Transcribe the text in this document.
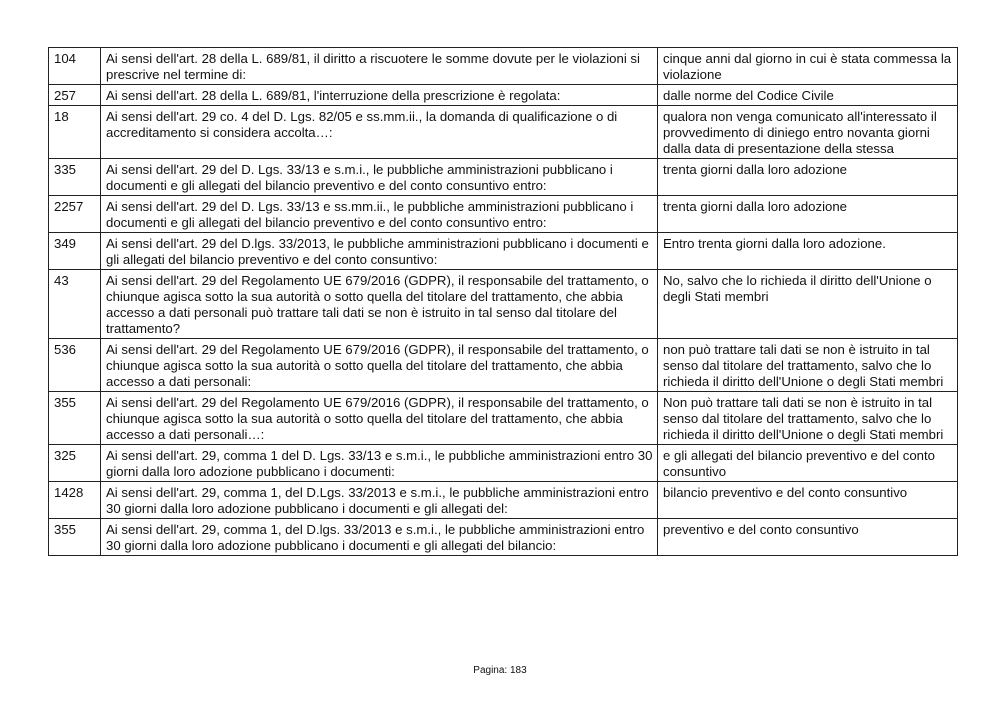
104	Ai sensi dell'art. 28 della L. 689/81, il diritto a riscuotere le somme dovute per le violazioni si prescrive nel termine di:	cinque anni dal giorno in cui è stata commessa la violazione
257	Ai sensi dell'art. 28 della L. 689/81, l'interruzione della prescrizione è regolata:	dalle norme del Codice Civile
18	Ai sensi dell'art. 29 co. 4 del D. Lgs. 82/05 e ss.mm.ii., la domanda di qualificazione o di accreditamento si considera accolta…:	qualora non venga comunicato all'interessato il provvedimento di diniego entro novanta giorni dalla data di presentazione della stessa
335	Ai sensi dell'art. 29 del D. Lgs. 33/13 e s.m.i., le pubbliche amministrazioni pubblicano i documenti e gli allegati del bilancio preventivo e del conto consuntivo entro:	trenta giorni dalla loro adozione
2257	Ai sensi dell'art. 29 del D. Lgs. 33/13 e ss.mm.ii., le pubbliche amministrazioni pubblicano i documenti e gli allegati del bilancio preventivo e del conto consuntivo entro:	trenta giorni dalla loro adozione
349	Ai sensi dell'art. 29 del D.lgs. 33/2013, le pubbliche amministrazioni pubblicano i documenti e gli allegati del bilancio preventivo e del conto consuntivo:	Entro trenta giorni dalla loro adozione.
43	Ai sensi dell'art. 29 del Regolamento UE 679/2016 (GDPR), il responsabile del trattamento, o chiunque agisca sotto la sua autorità o sotto quella del titolare del trattamento, che abbia accesso a dati personali può trattare tali dati se non è istruito in tal senso dal titolare del trattamento?	No, salvo che lo richieda il diritto dell'Unione o degli Stati membri
536	Ai sensi dell'art. 29 del Regolamento UE 679/2016 (GDPR), il responsabile del trattamento, o chiunque agisca sotto la sua autorità o sotto quella del titolare del trattamento, che abbia accesso a dati personali:	non può trattare tali dati se non è istruito in tal senso dal titolare del trattamento, salvo che lo richieda il diritto dell'Unione o degli Stati membri
355	Ai sensi dell'art. 29 del Regolamento UE 679/2016 (GDPR), il responsabile del trattamento, o chiunque agisca sotto la sua autorità o sotto quella del titolare del trattamento, che abbia accesso a dati personali…:	Non può trattare tali dati se non è istruito in tal senso dal titolare del trattamento, salvo che lo richieda il diritto dell'Unione o degli Stati membri
325	Ai sensi dell'art. 29, comma 1 del D. Lgs. 33/13 e s.m.i., le pubbliche amministrazioni entro 30 giorni dalla loro adozione pubblicano i documenti:	e gli allegati del bilancio preventivo e del conto consuntivo
1428	Ai sensi dell'art. 29, comma 1, del D.Lgs. 33/2013 e s.m.i., le pubbliche amministrazioni entro 30 giorni dalla loro adozione pubblicano i documenti e gli allegati del:	bilancio preventivo e del conto consuntivo
355	Ai sensi dell'art. 29, comma 1, del D.lgs. 33/2013 e s.m.i., le pubbliche amministrazioni entro 30 giorni dalla loro adozione pubblicano i documenti e gli allegati del bilancio:	preventivo e del conto consuntivo
Pagina: 183
